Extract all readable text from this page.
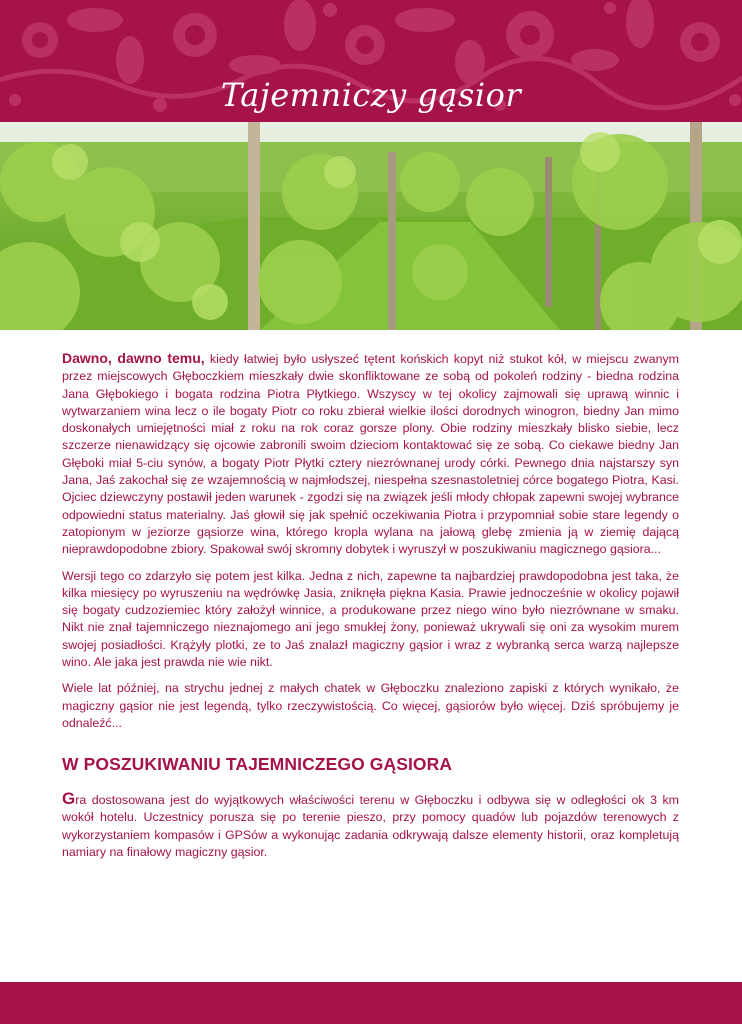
Tajemniczy gąsior

Dawno, dawno temu, kiedy łatwiej było usłyszeć tętent końskich kopyt niż stukot kół, w miejscu zwanym przez miejscowych Głęboczkiem mieszkały dwie skonfliktowane ze sobą od pokoleń rodziny - biedna rodzina Jana Głębokiego i bogata rodzina Piotra Płytkiego. Wszyscy w tej okolicy zajmowali się uprawą winnic i wytwarzaniem wina lecz o ile bogaty Piotr co roku zbierał wielkie ilości dorodnych winogron, biedny Jan mimo doskonałych umiejętności miał z roku na rok coraz gorsze plony. Obie rodziny mieszkały blisko siebie, lecz szczerze nienawidzący się ojcowie zabronili swoim dzieciom kontaktować się ze sobą. Co ciekawe biedny Jan Głęboki miał 5-ciu synów, a bogaty Piotr Płytki cztery niezrównanej urody córki. Pewnego dnia najstarszy syn Jana, Jaś zakochał się ze wzajemnością w najmłodszej, niespełna szesnastoletniej córce bogatego Piotra, Kasi. Ojciec dziewczyny postawił jeden warunek - zgodzi się na związek jeśli młody chłopak zapewni swojej wybrance odpowiedni status materialny. Jaś głowił się jak spełnić oczekiwania Piotra i przypomniał sobie stare legendy o zatopionym w jeziorze gąsiorze wina, którego kropla wylana na jałową glebę zmienia ją w ziemię dającą nieprawdopodobne zbiory. Spakował swój skromny dobytek i wyruszył w poszukiwaniu magicznego gąsiora...

Wersji tego co zdarzyło się potem jest kilka. Jedna z nich, zapewne ta najbardziej prawdopodobna jest taka, że kilka miesięcy po wyruszeniu na wędrówkę Jasia, zniknęła piękna Kasia. Prawie jednocześnie w okolicy pojawił się bogaty cudzoziemiec który założył winnice, a produkowane przez niego wino było niezrównane w smaku. Nikt nie znał tajemniczego nieznajomego ani jego smukłej żony, ponieważ ukrywali się oni za wysokim murem swojej posiadłości. Krążyły plotki, ze to Jaś znalazł magiczny gąsior i wraz z wybranką serca warzą najlepsze wino. Ale jaka jest prawda nie wie nikt.

Wiele lat później, na strychu jednej z małych chatek w Głęboczku znaleziono zapiski z których wynikało, że magiczny gąsior nie jest legendą, tylko rzeczywistością. Co więcej, gąsiorów było więcej. Dziś spróbujemy je odnaleźć...

W POSZUKIWANIU TAJEMNICZEGO GĄSIORA

Gra dostosowana jest do wyjątkowych właściwości terenu w Głęboczku i odbywa się w odległości ok 3 km wokół hotelu. Uczestnicy porusza się po terenie pieszo, przy pomocy quadów lub pojazdów terenowych z wykorzystaniem kompasów i GPSów a wykonując zadania odkrywają dalsze elementy historii, oraz kompletują namiary na finałowy magiczny gąsior.
